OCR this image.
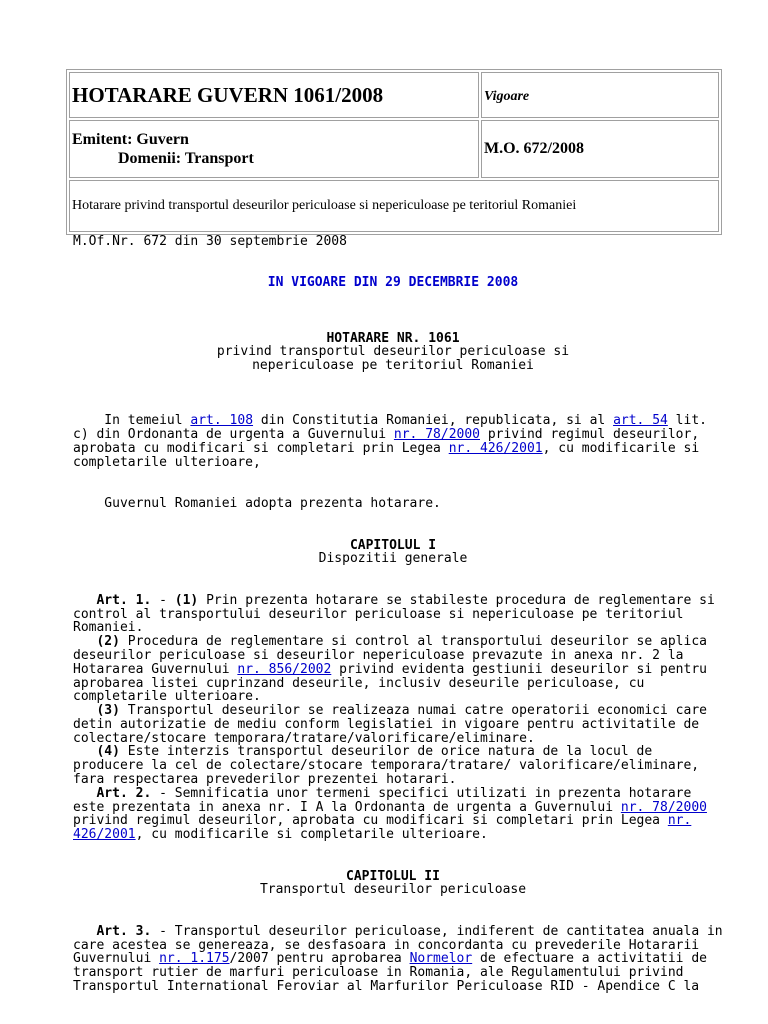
HOTARARE GUVERN 1061/2008	Vigoare

Emitent: Guvern
Domenii: Transport	M.O. 672/2008
Hotarare privind transportul deseurilor periculoase si nepericuloase pe teritoriul Romaniei	
M.Of.Nr. 672 din 30 septembrie 2008

IN VIGOARE DIN 29 DECEMBRIE 2008

HOTARARE NR. 1061
privind transportul deseurilor periculoase si
nepericuloase pe teritoriul Romaniei

In temeiul art. 108 din Constitutia Romaniei, republicata, si al art. 54 lit.
c) din Ordonanta de urgenta a Guvernului nr. 78/2000 privind regimul deseurilor,
aprobata cu modificari si completari prin Legea nr. 426/2001, cu modificarile si
completarile ulterioare,

Guvernul Romaniei adopta prezenta hotarare.

CAPITOLUL I
Dispozitii generale

Art. 1. - (1) Prin prezenta hotarare se stabileste procedura de reglementare si
control al transportului deseurilor periculoase si nepericuloase pe teritoriul
Romaniei.
(2) Procedura de reglementare si control al transportului deseurilor se aplica
deseurilor periculoase si deseurilor nepericuloase prevazute in anexa nr. 2 la
Hotararea Guvernului nr. 856/2002 privind evidenta gestiunii deseurilor si pentru
aprobarea listei cuprinzand deseurile, inclusiv deseurile periculoase, cu
completarile ulterioare.
(3) Transportul deseurilor se realizeaza numai catre operatorii economici care
detin autorizatie de mediu conform legislatiei in vigoare pentru activitatile de
colectare/stocare temporara/tratare/valorificare/eliminare.
(4) Este interzis transportul deseurilor de orice natura de la locul de
producere la cel de colectare/stocare temporara/tratare/ valorificare/eliminare,
fara respectarea prevederilor prezentei hotarari.
Art. 2. - Semnificatia unor termeni specifici utilizati in prezenta hotarare
este prezentata in anexa nr. I A la Ordonanta de urgenta a Guvernului nr. 78/2000
privind regimul deseurilor, aprobata cu modificari si completari prin Legea nr.
426/2001, cu modificarile si completarile ulterioare.

CAPITOLUL II
Transportul deseurilor periculoase

Art. 3. - Transportul deseurilor periculoase, indiferent de cantitatea anuala in
care acestea se genereaza, se desfasoara in concordanta cu prevederile Hotararii
Guvernului nr. 1.175/2007 pentru aprobarea Normelor de efectuare a activitatii de
transport rutier de marfuri periculoase in Romania, ale Regulamentului privind
Transportul International Feroviar al Marfurilor Periculoase RID - Apendice C la
